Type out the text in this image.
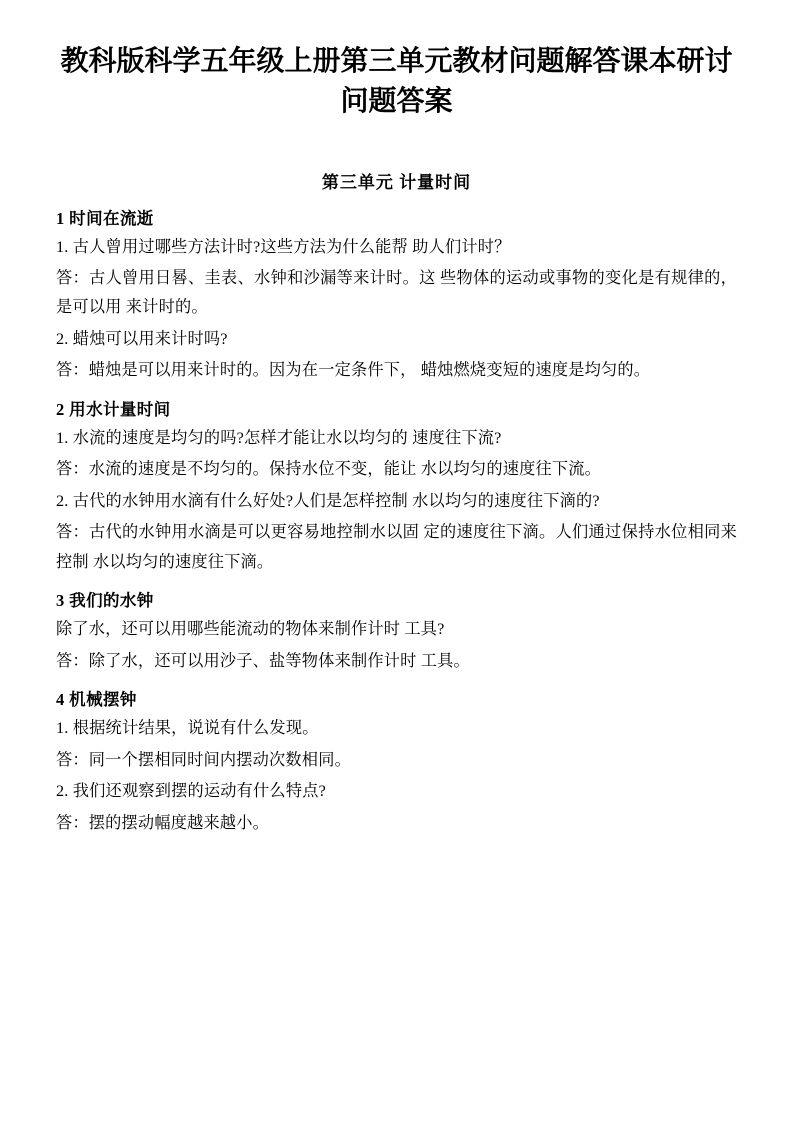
教科版科学五年级上册第三单元教材问题解答课本研讨问题答案
第三单元 计量时间
1 时间在流逝

1. 古人曾用过哪些方法计时?这些方法为什么能帮 助人们计时？

答：古人曾用日晷、圭表、水钟和沙漏等来计时。这 些物体的运动或事物的变化是有规律的，是可以用 来计时的。

2. 蜡烛可以用来计时吗?

答：蜡烛是可以用来计时的。因为在一定条件下， 蜡烛燃烧变短的速度是均匀的。

2 用水计量时间

1. 水流的速度是均匀的吗?怎样才能让水以均匀的 速度往下流?

答：水流的速度是不均匀的。保持水位不变，能让 水以均匀的速度往下流。

2. 古代的水钟用水滴有什么好处?人们是怎样控制 水以均匀的速度往下滴的?

答：古代的水钟用水滴是可以更容易地控制水以固 定的速度往下滴。人们通过保持水位相同来控制 水以均匀的速度往下滴。

3 我们的水钟

除了水，还可以用哪些能流动的物体来制作计时 工具?

答：除了水，还可以用沙子、盐等物体来制作计时 工具。

4 机械摆钟

1. 根据统计结果，说说有什么发现。

答：同一个摆相同时间内摆动次数相同。

2. 我们还观察到摆的运动有什么特点?

答：摆的摆动幅度越来越小。
